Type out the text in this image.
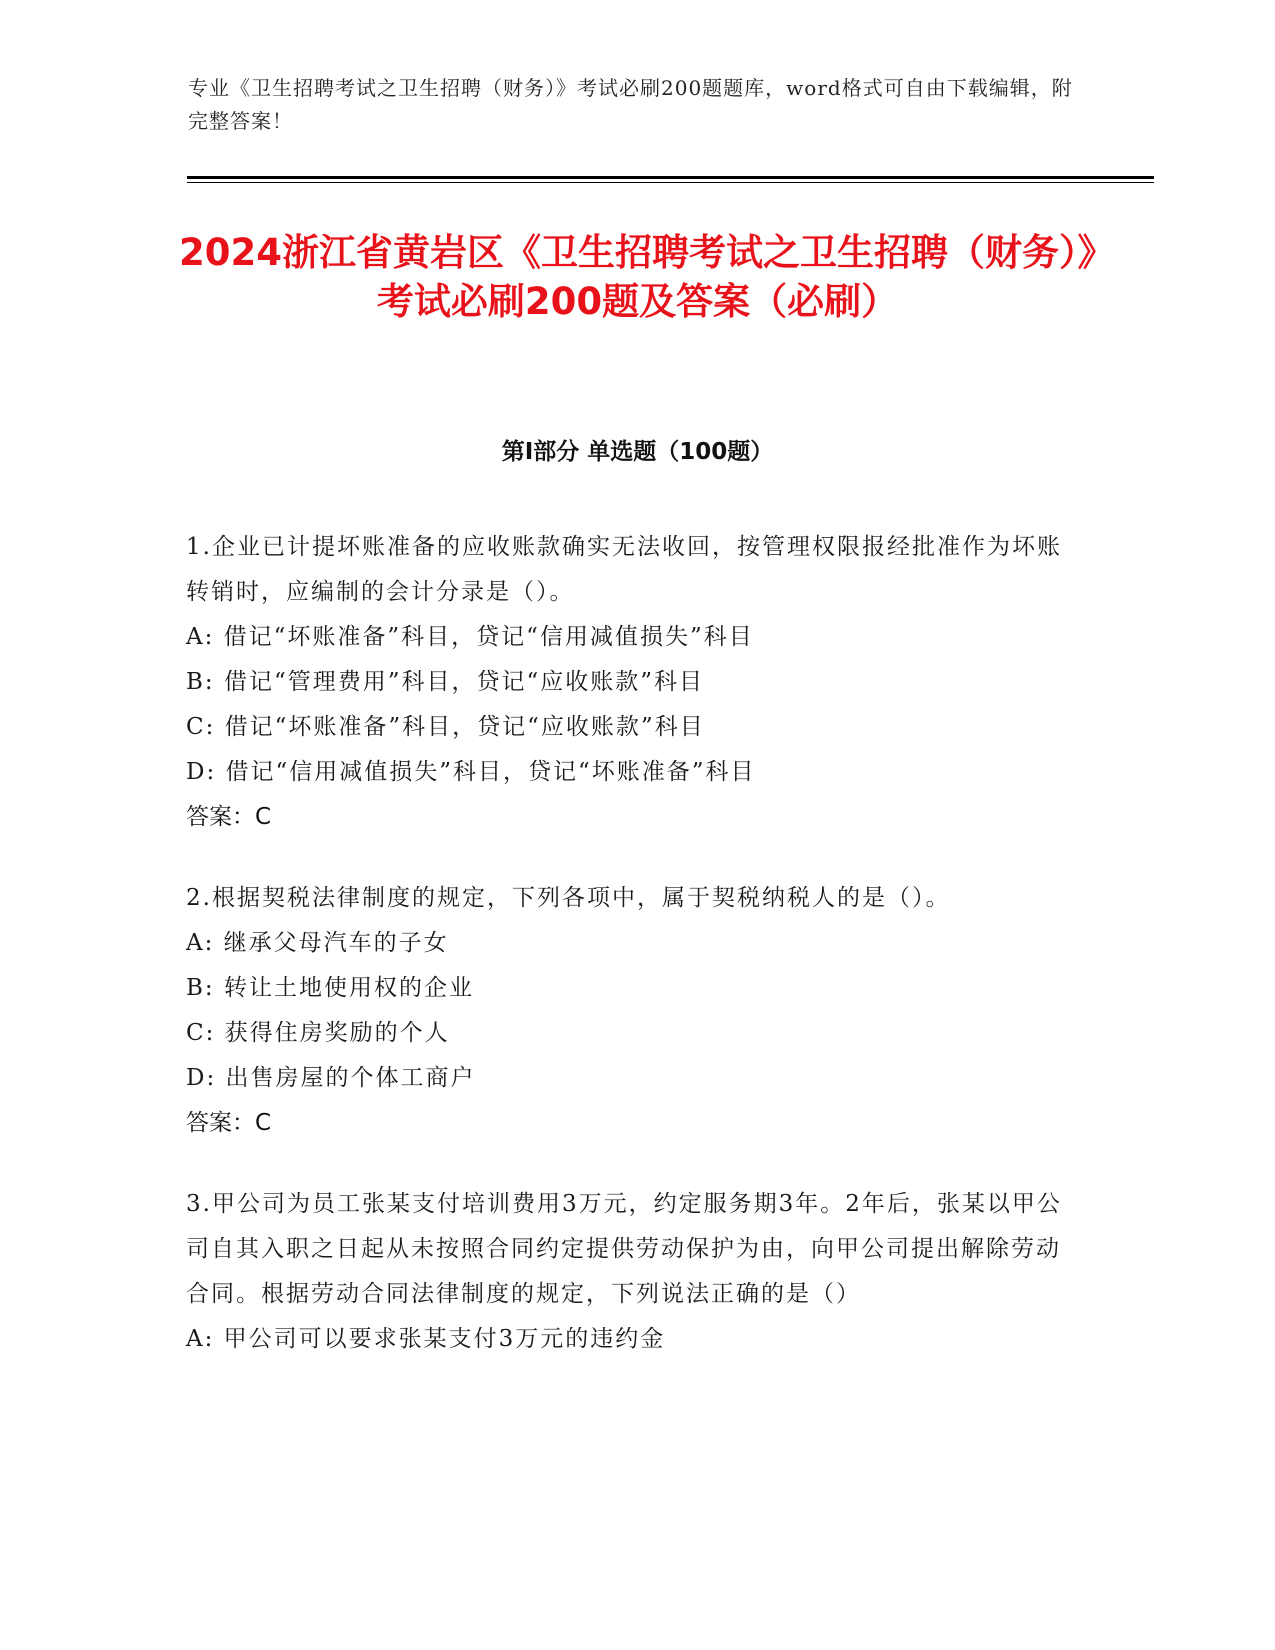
专业《卫生招聘考试之卫生招聘（财务）》考试必刷200题题库，word格式可自由下载编辑，附完整答案！
2024浙江省黄岩区《卫生招聘考试之卫生招聘（财务）》考试必刷200题及答案（必刷）
第Ⅰ部分 单选题（100题）
1.企业已计提坏账准备的应收账款确实无法收回，按管理权限报经批准作为坏账转销时，应编制的会计分录是（）。
A: 借记“坏账准备”科目，贷记“信用减值损失”科目
B: 借记“管理费用”科目，贷记“应收账款”科目
C: 借记“坏账准备”科目，贷记“应收账款”科目
D: 借记“信用减值损失”科目，贷记“坏账准备”科目
答案：C
2.根据契税法律制度的规定，下列各项中，属于契税纳税人的是（）。
A: 继承父母汽车的子女
B: 转让土地使用权的企业
C: 获得住房奖励的个人
D: 出售房屋的个体工商户
答案：C
3.甲公司为员工张某支付培训费用3万元，约定服务期3年。2年后，张某以甲公司自其入职之日起从未按照合同约定提供劳动保护为由，向甲公司提出解除劳动合同。根据劳动合同法律制度的规定，下列说法正确的是（）
A: 甲公司可以要求张某支付3万元的违约金
